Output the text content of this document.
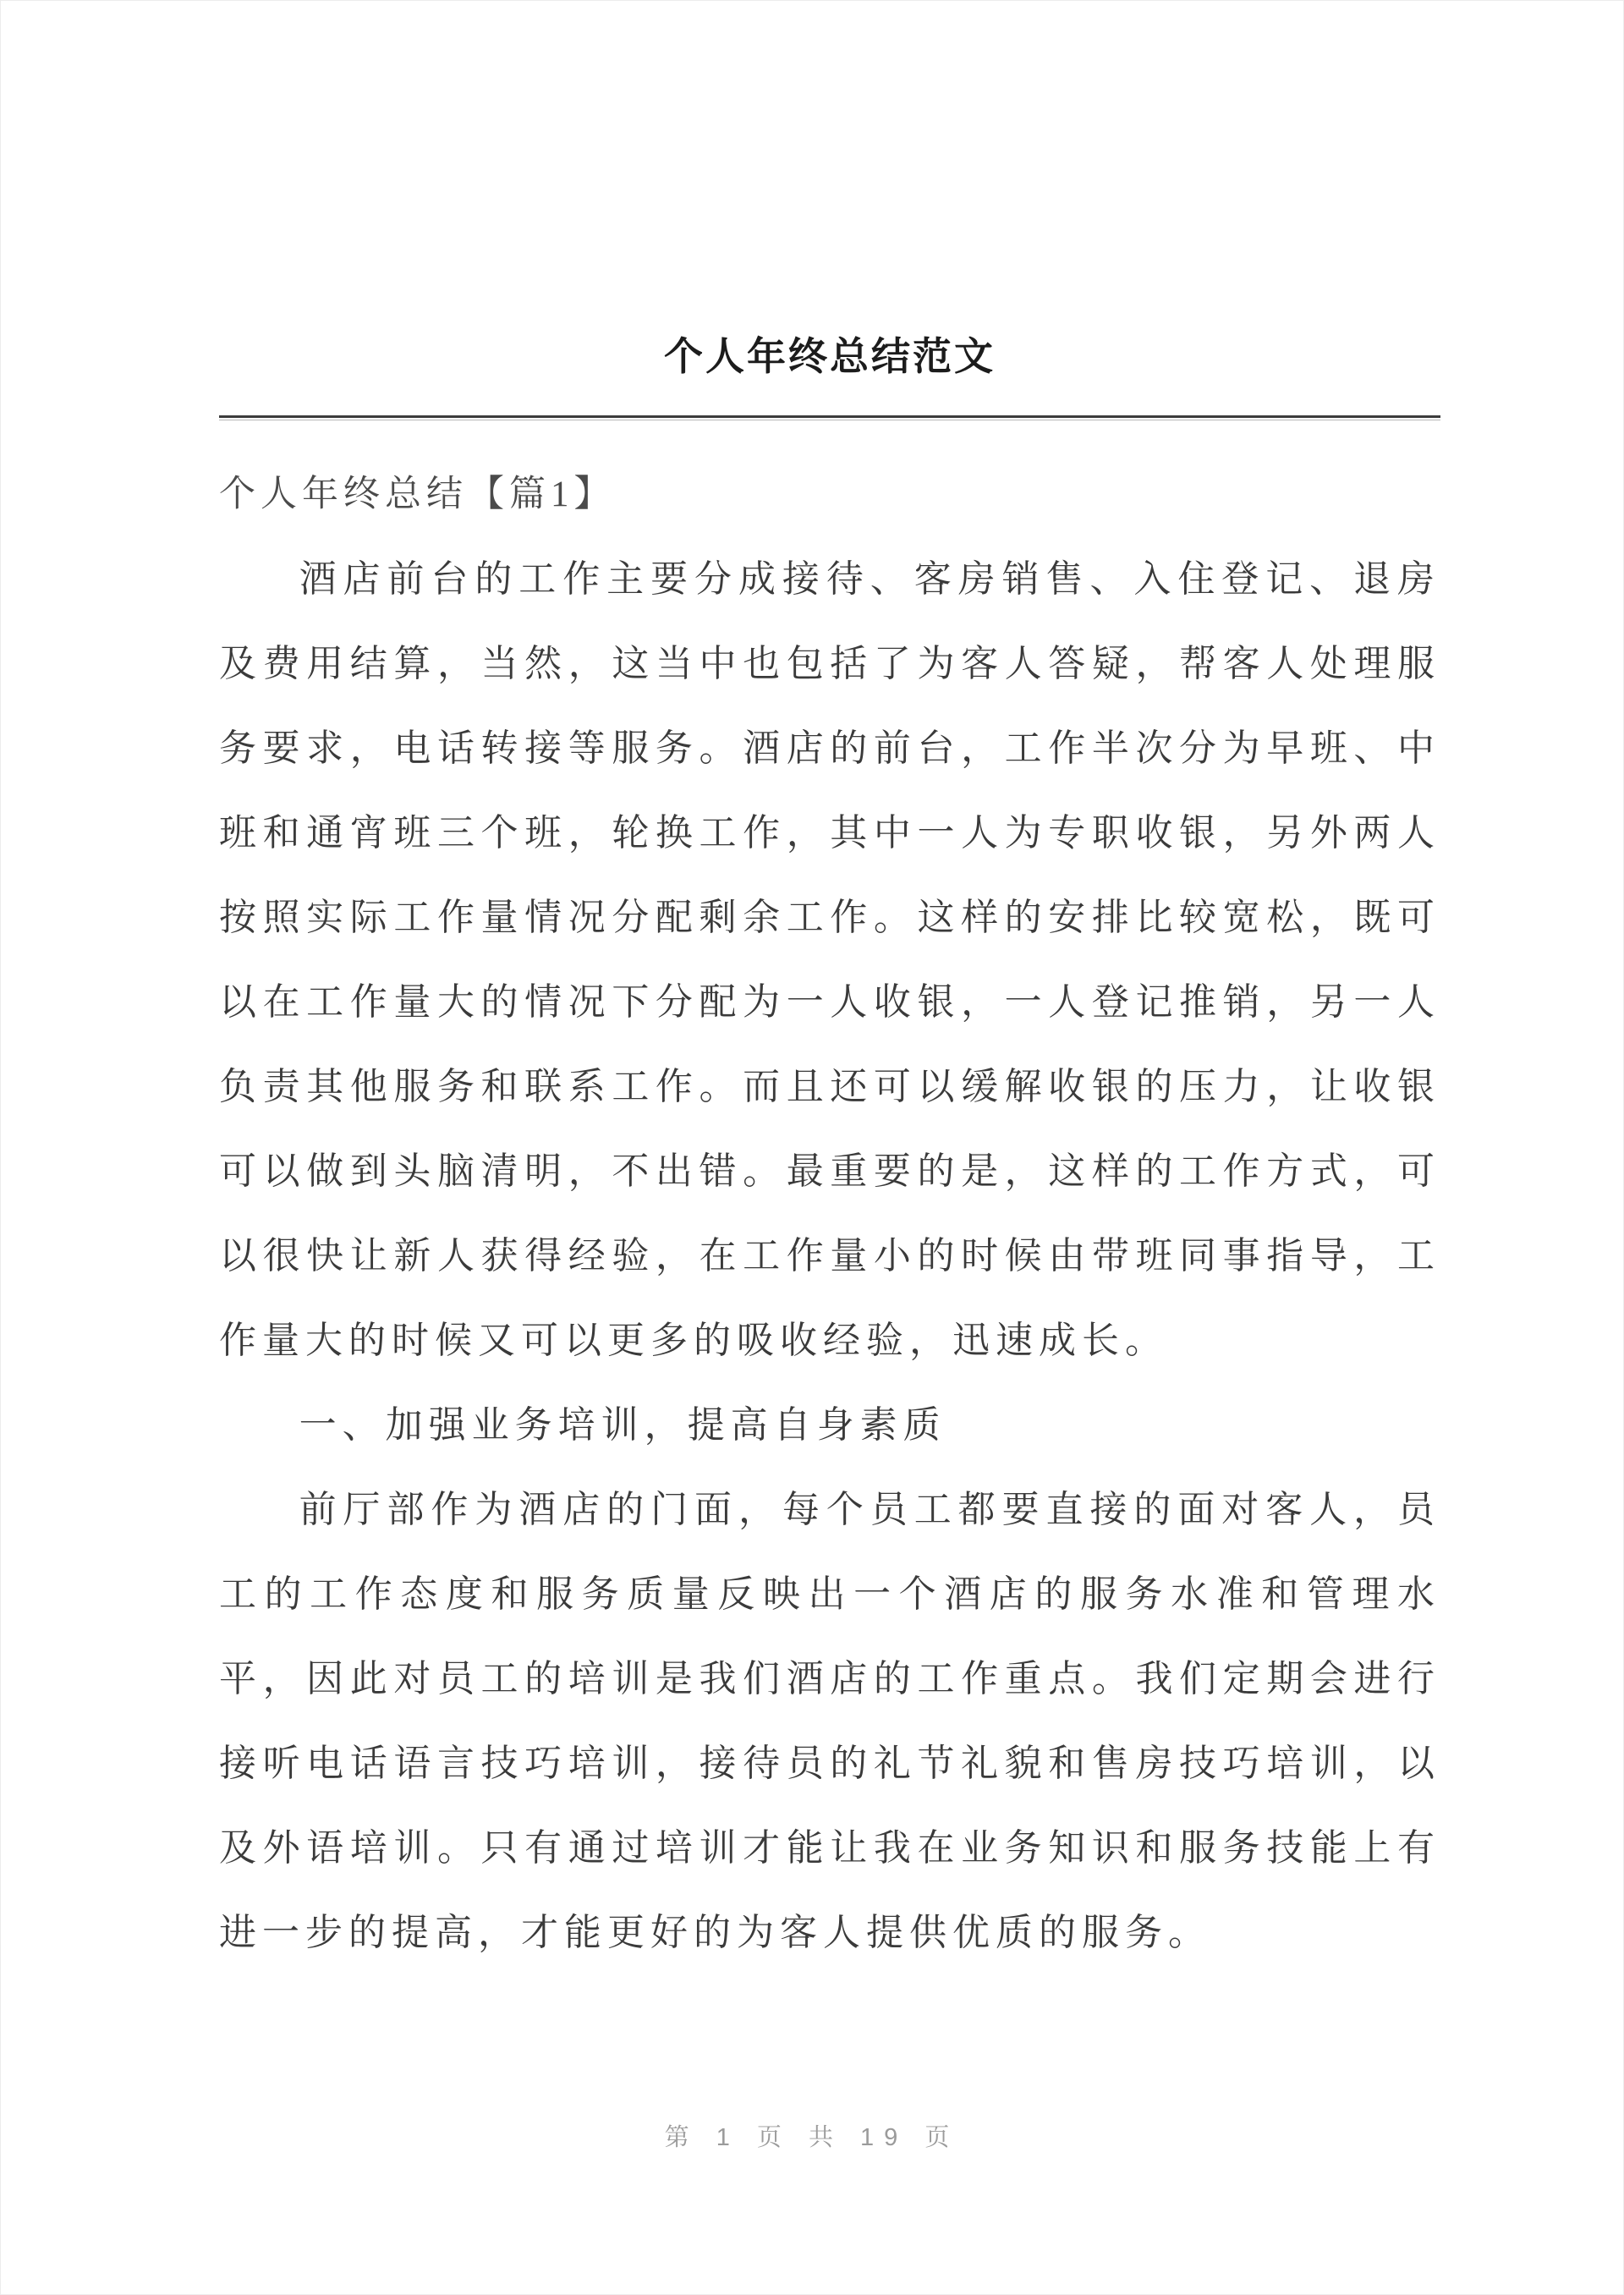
个人年终总结范文
个人年终总结【篇1】

酒店前台的工作主要分成接待、客房销售、入住登记、退房及费用结算，当然，这当中也包括了为客人答疑，帮客人处理服务要求，电话转接等服务。酒店的前台，工作半次分为早班、中班和通宵班三个班，轮换工作，其中一人为专职收银，另外两人按照实际工作量情况分配剩余工作。这样的安排比较宽松，既可以在工作量大的情况下分配为一人收银，一人登记推销，另一人负责其他服务和联系工作。而且还可以缓解收银的压力，让收银可以做到头脑清明，不出错。最重要的是，这样的工作方式，可以很快让新人获得经验，在工作量小的时候由带班同事指导，工作量大的时候又可以更多的吸收经验，迅速成长。

一、加强业务培训，提高自身素质

前厅部作为酒店的门面，每个员工都要直接的面对客人，员工的工作态度和服务质量反映出一个酒店的服务水准和管理水平，因此对员工的培训是我们酒店的工作重点。我们定期会进行接听电话语言技巧培训，接待员的礼节礼貌和售房技巧培训，以及外语培训。只有通过培训才能让我在业务知识和服务技能上有进一步的提高，才能更好的为客人提供优质的服务。

第 1 页 共 19 页
